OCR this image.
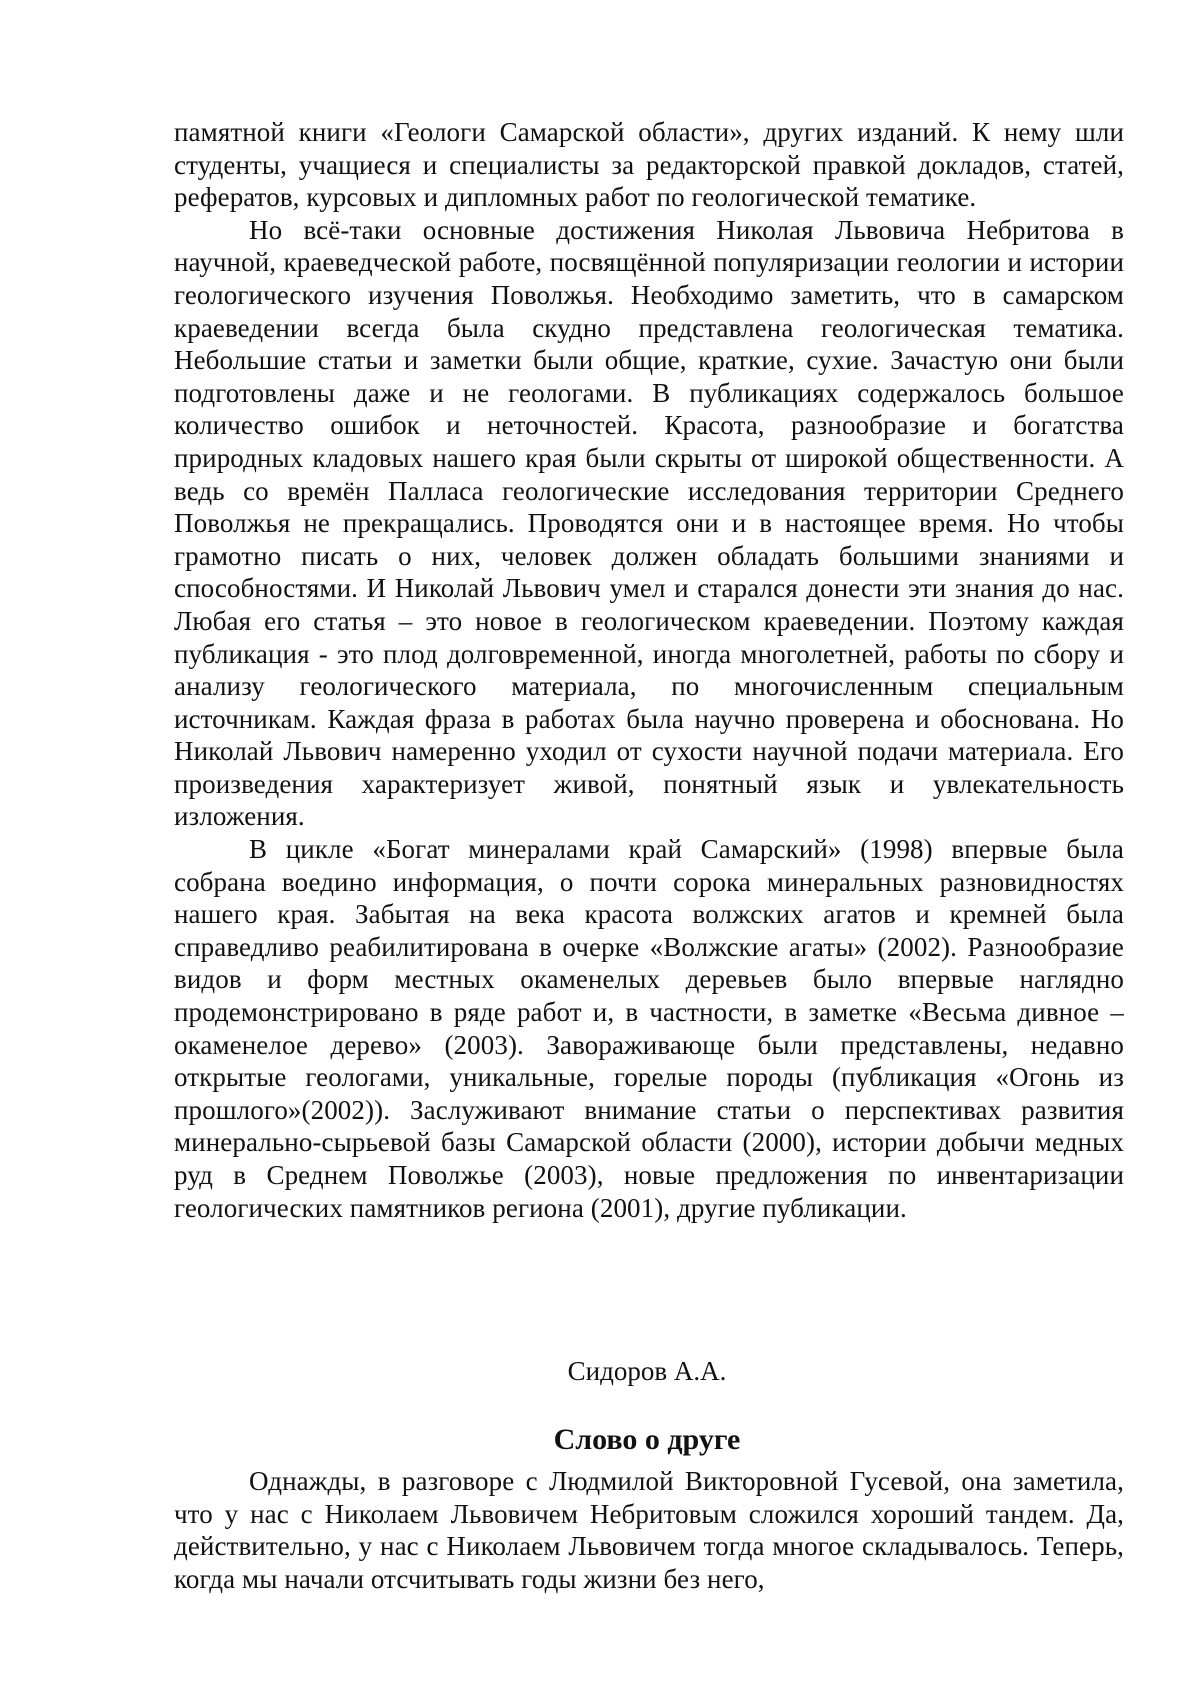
памятной книги «Геологи Самарской области», других изданий. К нему шли студенты, учащиеся и специалисты за редакторской правкой докладов, статей, рефератов, курсовых и дипломных работ по геологической тематике.

Но всё-таки основные достижения Николая Львовича Небритова в научной, краеведческой работе, посвящённой популяризации геологии и истории геологического изучения Поволжья. Необходимо заметить, что в самарском краеведении всегда была скудно представлена геологическая тематика. Небольшие статьи и заметки были общие, краткие, сухие. Зачастую они были подготовлены даже и не геологами. В публикациях содержалось большое количество ошибок и неточностей. Красота, разнообразие и богатства природных кладовых нашего края были скрыты от широкой общественности. А ведь со времён Палласа геологические исследования территории Среднего Поволжья не прекращались. Проводятся они и в настоящее время. Но чтобы грамотно писать о них, человек должен обладать большими знаниями и способностями. И Николай Львович умел и старался донести эти знания до нас. Любая его статья – это новое в геологическом краеведении. Поэтому каждая публикация - это плод долговременной, иногда многолетней, работы по сбору и анализу геологического материала, по многочисленным специальным источникам. Каждая фраза в работах была научно проверена и обоснована. Но Николай Львович намеренно уходил от сухости научной подачи материала. Его произведения характеризует живой, понятный язык и увлекательность изложения.

В цикле «Богат минералами край Самарский» (1998) впервые была собрана воедино информация, о почти сорока минеральных разновидностях нашего края. Забытая на века красота волжских агатов и кремней была справедливо реабилитирована в очерке «Волжские агаты» (2002). Разнообразие видов и форм местных окаменелых деревьев было впервые наглядно продемонстрировано в ряде работ и, в частности, в заметке «Весьма дивное – окаменелое дерево» (2003). Завораживающе были представлены, недавно открытые геологами, уникальные, горелые породы (публикация «Огонь из прошлого»(2002)). Заслуживают внимание статьи о перспективах развития минерально-сырьевой базы Самарской области (2000), истории добычи медных руд в Среднем Поволжье (2003), новые предложения по инвентаризации геологических памятников региона (2001), другие публикации.

Сидоров А.А.
Слово о друге

Однажды, в разговоре с Людмилой Викторовной Гусевой, она заметила, что у нас с Николаем Львовичем Небритовым сложился хороший тандем. Да, действительно, у нас с Николаем Львовичем тогда многое складывалось. Теперь, когда мы начали отсчитывать годы жизни без него,
